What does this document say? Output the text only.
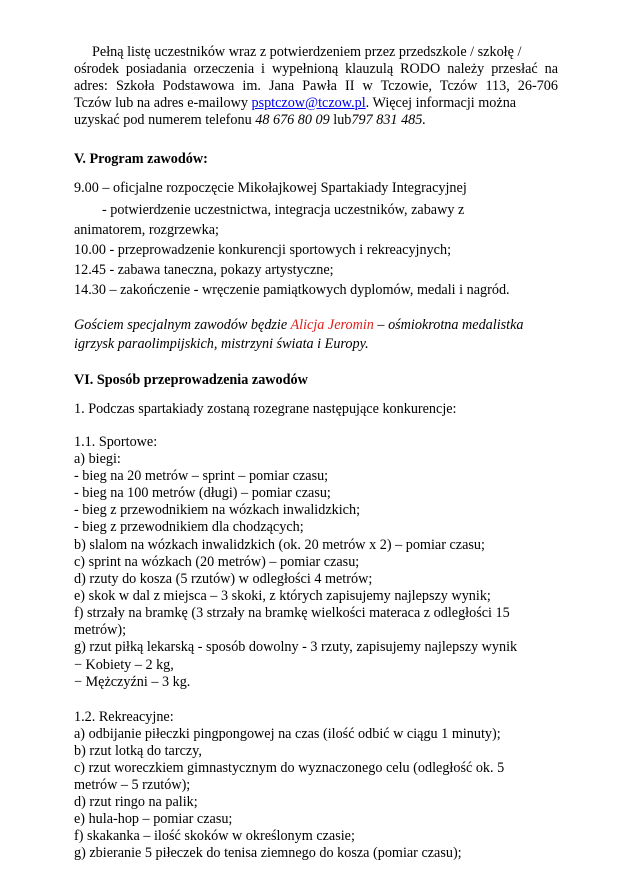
Pełną listę uczestników wraz z potwierdzeniem przez przedszkole / szkołę /
ośrodek posiadania orzeczenia i wypełnioną klauzulą RODO należy przesłać na
adres: Szkoła Podstawowa im. Jana Pawła II w Tczowie, Tczów 113, 26-706
Tczów lub na adres e-mailowy psptczow@tczow.pl. Więcej informacji można
uzyskać pod numerem telefonu 48 676 80 09 lub797 831 485.
V. Program zawodów:
9.00 – oficjalne rozpoczęcie Mikołajkowej Spartakiady Integracyjnej
- potwierdzenie uczestnictwa, integracja uczestników, zabawy z
animatorem, rozgrzewka;
10.00 - przeprowadzenie konkurencji sportowych i rekreacyjnych;
12.45 - zabawa taneczna, pokazy artystyczne;
14.30 – zakończenie - wręczenie pamiątkowych dyplomów, medali i nagród.
Gościem specjalnym zawodów będzie Alicja Jeromin – ośmiokrotna medalistka
igrzysk paraolimpijskich, mistrzyni świata i Europy.
VI. Sposób przeprowadzenia zawodów
1. Podczas spartakiady zostaną rozegrane następujące konkurencje:
1.1. Sportowe:
a) biegi:
- bieg na 20 metrów – sprint – pomiar czasu;
- bieg na 100 metrów (długi) – pomiar czasu;
- bieg z przewodnikiem na wózkach inwalidzkich;
- bieg z przewodnikiem dla chodzących;
b) slalom na wózkach inwalidzkich (ok. 20 metrów x 2) – pomiar czasu;
c) sprint na wózkach (20 metrów) – pomiar czasu;
d) rzuty do kosza (5 rzutów) w odległości 4 metrów;
e) skok w dal z miejsca – 3 skoki, z których zapisujemy najlepszy wynik;
f) strzały na bramkę (3 strzały na bramkę wielkości materaca z odległości 15
metrów);
g) rzut piłką lekarską - sposób dowolny - 3 rzuty, zapisujemy najlepszy wynik
− Kobiety – 2 kg,
− Mężczyźni – 3 kg.
1.2. Rekreacyjne:
a) odbijanie piłeczki pingpongowej na czas (ilość odbić w ciągu 1 minuty);
b) rzut lotką do tarczy,
c) rzut woreczkiem gimnastycznym do wyznaczonego celu (odległość ok. 5
metrów – 5 rzutów);
d) rzut ringo na palik;
e) hula-hop – pomiar czasu;
f) skakanka – ilość skoków w określonym czasie;
g) zbieranie 5 piłeczek do tenisa ziemnego do kosza (pomiar czasu);
